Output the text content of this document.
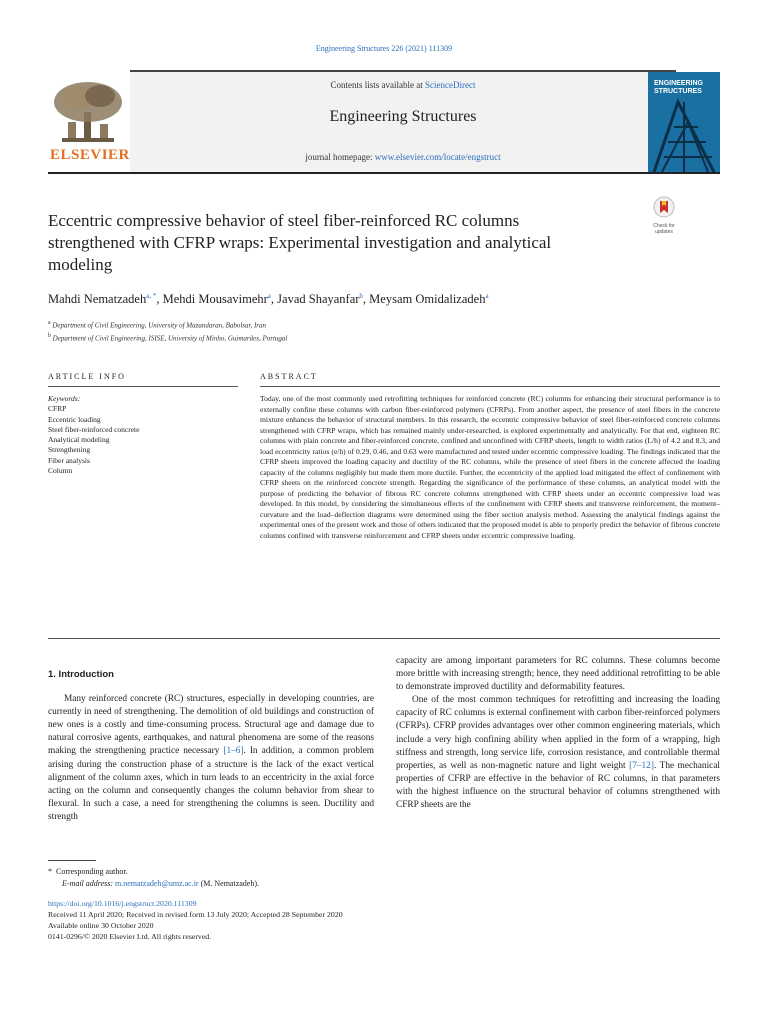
Engineering Structures 226 (2021) 111309
ELSEVIER
Contents lists available at ScienceDirect
Engineering Structures
journal homepage: www.elsevier.com/locate/engstruct
ENGINEERING STRUCTURES
Eccentric compressive behavior of steel fiber-reinforced RC columns strengthened with CFRP wraps: Experimental investigation and analytical modeling
Check for updates
Mahdi Nematzadeh$^{a, *}$, Mehdi Mousavimehr$^a$, Javad Shayanfar$^b$, Meysam Omidalizadeh$^a$
$^a$ Department of Civil Engineering, University of Mazandaran, Babolsar, Iran
$^b$ Department of Civil Engineering, ISISE, University of Minho, Guimarães, Portugal
ARTICLE INFO	ABSTRACT
Keywords:
CFRP
Eccentric loading
Steel fiber-reinforced concrete
Analytical modeling
Strengthening
Fiber analysis
Column
Today, one of the most commonly used retrofitting techniques for reinforced concrete (RC) columns for enhancing their structural performance is to externally confine these columns with carbon fiber-reinforced polymers (CFRPs). From another aspect, the presence of steel fibers in the concrete mixture enhances the behavior of structural members. In this research, the eccentric compressive behavior of steel fiber-reinforced concrete columns strengthened with CFRP wraps, which has remained mainly under-researched, is explored experimentally and analytically. For that end, eighteen RC columns with plain concrete and fiber-reinforced concrete, confined and unconfined with CFRP sheets, length to width ratios (L/h) of 4.2 and 8.3, and load eccentricity ratios (e/h) of 0.29, 0.46, and 0.63 were manufactured and tested under eccentric compressive loading. The findings indicated that the CFRP sheets improved the loading capacity and ductility of the RC columns, while the presence of steel fibers in the concrete affected the loading capacity of the columns negligibly but made them more ductile. Further, the eccentricity of the applied load mitigated the effect of confinement with CFRP sheets on the reinforced concrete strength. Regarding the significance of the performance of these columns, an analytical model with the purpose of predicting the behavior of fibrous RC concrete columns strengthened with CFRP sheets under an eccentric compressive load was developed. In this model, by considering the simultaneous effects of the confinement with CFRP sheets and transverse reinforcement, the moment–curvature and the load–deflection diagrams were determined using the fiber section analysis method. Assessing the analytical findings against the experimental ones of the present work and those of others indicated that the proposed model is able to properly predict the behavior of fibrous concrete columns confined with transverse reinforcement and CFRP sheets under eccentric compressive loading.
1. Introduction

Many reinforced concrete (RC) structures, especially in developing countries, are currently in need of strengthening. The demolition of old buildings and construction of new ones is a costly and time-consuming process. Structural age and damage due to natural corrosive agents, earthquakes, and natural phenomena are some of the reasons making the strengthening practice necessary [1–6]. In addition, a common problem arising during the construction phase of a structure is the lack of the exact vertical alignment of the column axes, which in turn leads to an eccentricity in the axial force acting on the column and consequently changes the column behavior from shear to flexural. In such a case, a need for strengthening the columns is seen. Ductility and strength

capacity are among important parameters for RC columns. These columns become more brittle with increasing strength; hence, they need additional retrofitting to be able to demonstrate improved ductility and deformability features.

One of the most common techniques for retrofitting and increasing the loading capacity of RC columns is external confinement with carbon fiber-reinforced polymers (CFRPs). CFRP provides advantages over other common engineering materials, which include a very high confining ability when applied in the form of a wrapping, high stiffness and strength, long service life, corrosion resistance, and controllable thermal properties, as well as non-magnetic nature and light weight [7–12]. The mechanical properties of CFRP are effective in the behavior of RC columns, in that parameters with the highest influence on the structural behavior of columns strengthened with CFRP sheets are the

* Corresponding author.
E-mail address: m.nematzadeh@umz.ac.ir (M. Nematzadeh).
https://doi.org/10.1016/j.engstruct.2020.111309
Received 11 April 2020; Received in revised form 13 July 2020; Accepted 28 September 2020
Available online 30 October 2020
0141-0296/© 2020 Elsevier Ltd. All rights reserved.
